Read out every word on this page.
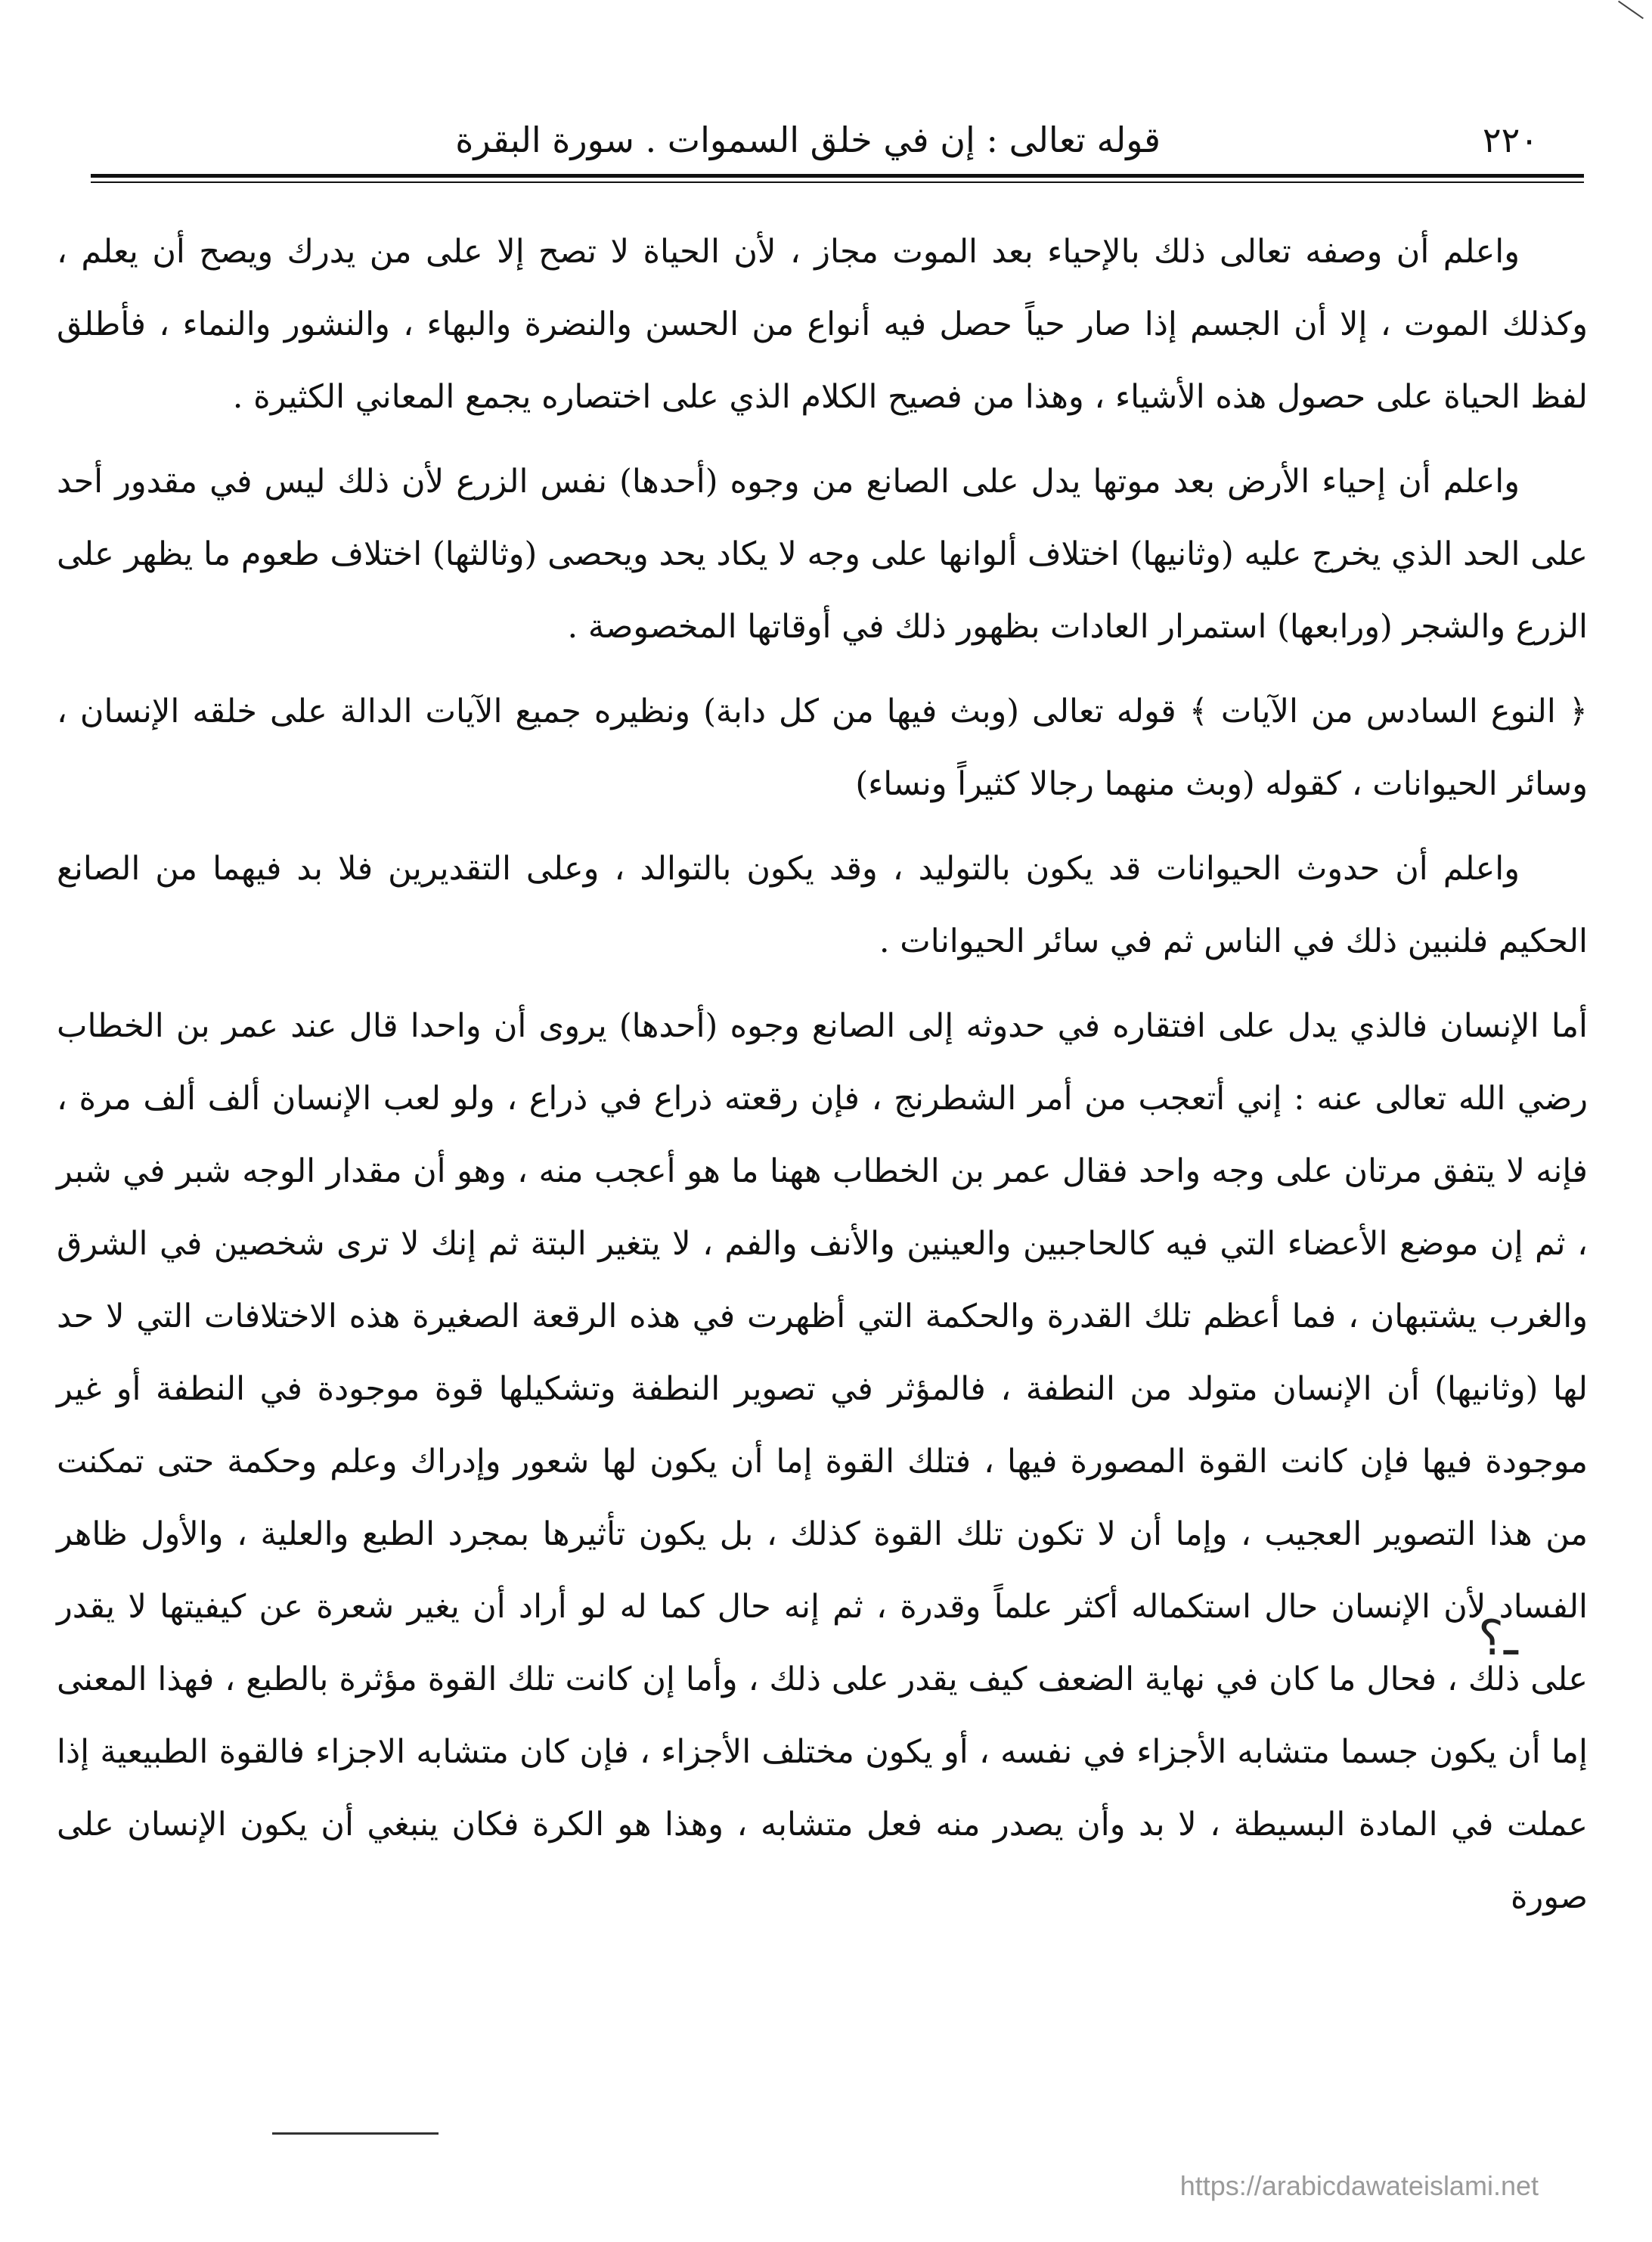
٢٢٠
قوله تعالى : إن في خلق السموات . سورة البقرة

واعلم أن وصفه تعالى ذلك بالإحياء بعد الموت مجاز ، لأن الحياة لا تصح إلا على من يدرك ويصح أن يعلم ، وكذلك الموت ، إلا أن الجسم إذا صار حياً حصل فيه أنواع من الحسن والنضرة والبهاء ، والنشور والنماء ، فأطلق لفظ الحياة على حصول هذه الأشياء ، وهذا من فصيح الكلام الذي على اختصاره يجمع المعاني الكثيرة .

واعلم أن إحياء الأرض بعد موتها يدل على الصانع من وجوه (أحدها) نفس الزرع لأن ذلك ليس في مقدور أحد على الحد الذي يخرج عليه (وثانيها) اختلاف ألوانها على وجه لا يكاد يحد ويحصى (وثالثها) اختلاف طعوم ما يظهر على الزرع والشجر (ورابعها) استمرار العادات بظهور ذلك في أوقاتها المخصوصة .

﴿ النوع السادس من الآيات ﴾ قوله تعالى (وبث فيها من كل دابة) ونظيره جميع الآيات الدالة على خلقه الإنسان ، وسائر الحيوانات ، كقوله (وبث منهما رجالا كثيراً ونساء)

واعلم أن حدوث الحيوانات قد يكون بالتوليد ، وقد يكون بالتوالد ، وعلى التقديرين فلا بد فيهما من الصانع الحكيم فلنبين ذلك في الناس ثم في سائر الحيوانات .

أما الإنسان فالذي يدل على افتقاره في حدوثه إلى الصانع وجوه (أحدها) يروى أن واحدا قال عند عمر بن الخطاب رضي الله تعالى عنه : إني أتعجب من أمر الشطرنج ، فإن رقعته ذراع في ذراع ، ولو لعب الإنسان ألف ألف مرة ، فإنه لا يتفق مرتان على وجه واحد فقال عمر بن الخطاب ههنا ما هو أعجب منه ، وهو أن مقدار الوجه شبر في شبر ، ثم إن موضع الأعضاء التي فيه كالحاجبين والعينين والأنف والفم ، لا يتغير البتة ثم إنك لا ترى شخصين في الشرق والغرب يشتبهان ، فما أعظم تلك القدرة والحكمة التي أظهرت في هذه الرقعة الصغيرة هذه الاختلافات التي لا حد لها (وثانيها) أن الإنسان متولد من النطفة ، فالمؤثر في تصوير النطفة وتشكيلها قوة موجودة في النطفة أو غير موجودة فيها فإن كانت القوة المصورة فيها ، فتلك القوة إما أن يكون لها شعور وإدراك وعلم وحكمة حتى تمكنت من هذا التصوير العجيب ، وإما أن لا تكون تلك القوة كذلك ، بل يكون تأثيرها بمجرد الطبع والعلية ، والأول ظاهر الفساد لأن الإنسان حال استكماله أكثر علماً وقدرة ، ثم إنه حال كما له لو أراد أن يغير شعرة عن كيفيتها لا يقدر على ذلك ، فحال ما كان في نهاية الضعف كيف يقدر على ذلك ، وأما إن كانت تلك القوة مؤثرة بالطبع ، فهذا المعنى إما أن يكون جسما متشابه الأجزاء في نفسه ، أو يكون مختلف الأجزاء ، فإن كان متشابه الاجزاء فالقوة الطبيعية إذا عملت في المادة البسيطة ، لا بد وأن يصدر منه فعل متشابه ، وهذا هو الكرة فكان ينبغي أن يكون الإنسان على صورة

ـ؟
https://arabicdawateislami.net
